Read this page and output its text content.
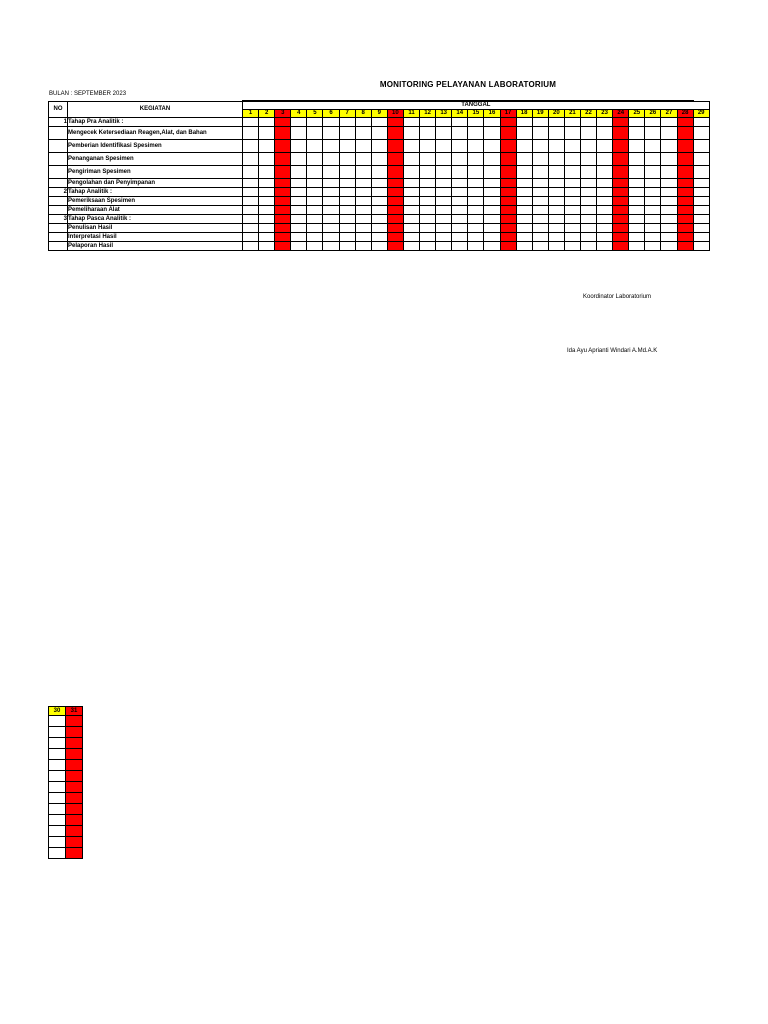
MONITORING PELAYANAN LABORATORIUM
BULAN : SEPTEMBER 2023
NO	KEGIATAN	TANGGAL																												
		1	2	3	4	5	6	7	8	9	10	11	12	13	14	15	16	17	18	19	20	21	22	23	24	25	26	27	28	29
1	Tahap Pra Analitik :																													
	Mengecek Ketersediaan Reagen,Alat, dan Bahan																													
	Pemberian Identifikasi Spesimen																													
	Penanganan Spesimen																													
	Pengiriman Spesimen																													
	Pengolahan dan Penyimpanan																													
2	Tahap Analitik :																													
	Pemeriksaan Spesimen																													
	Pemeliharaan Alat																													
3	Tahap Pasca Analitik :																													
	Penulisan Hasil																													
	Interpretasi Hasil																													
	Pelaporan Hasil																													
Koordinator Laboratorium
Ida Ayu Aprianti Windari A.Md.A.K
30	31
